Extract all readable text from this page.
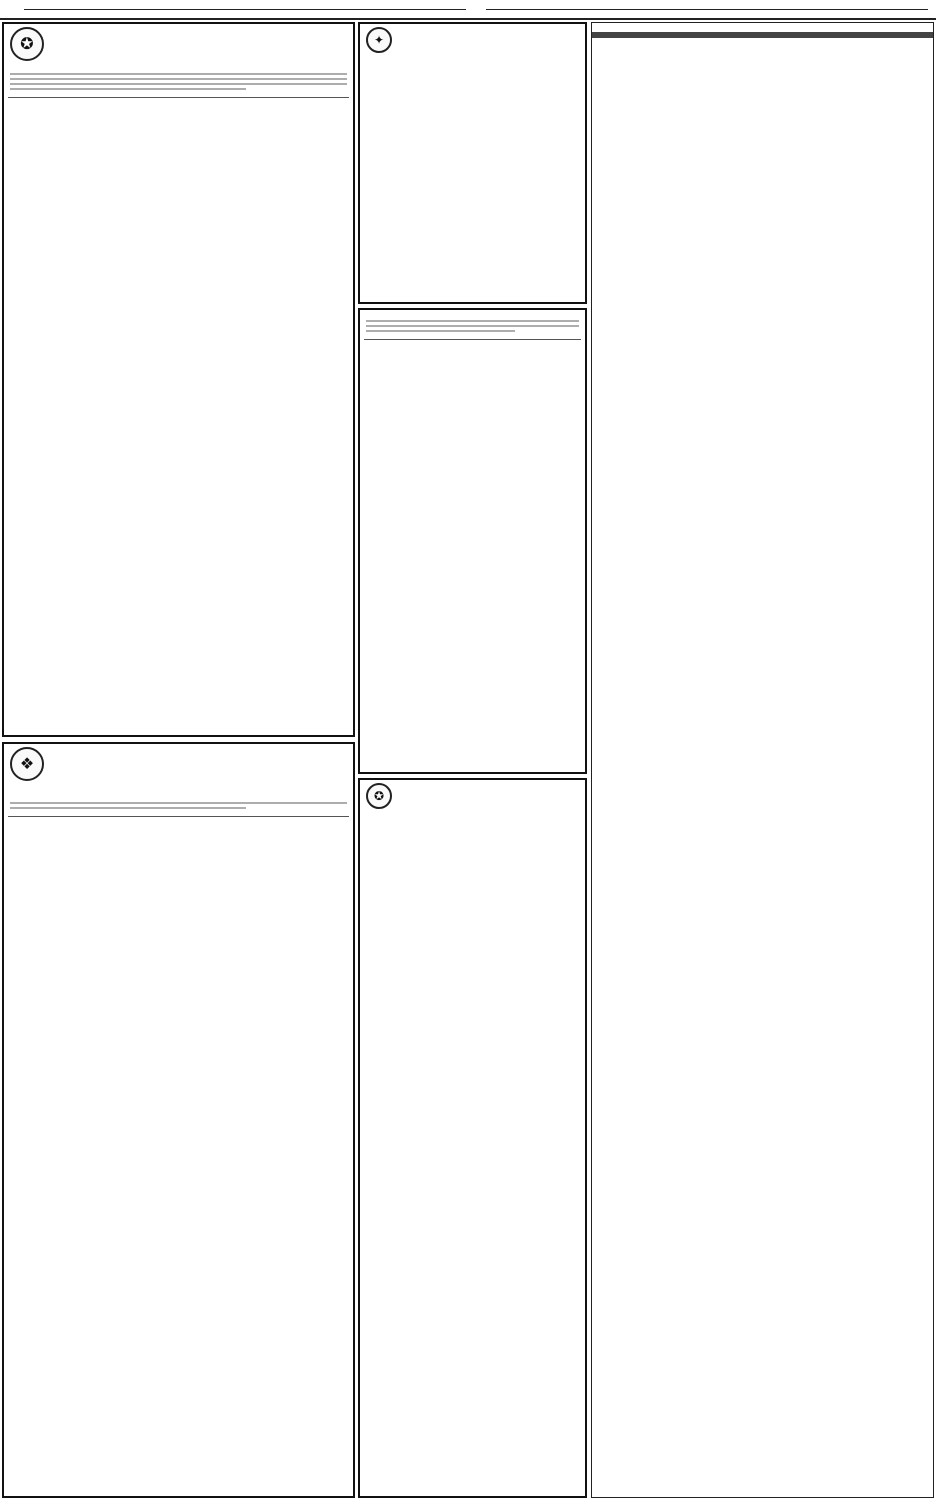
✪
❖

✦
✪
